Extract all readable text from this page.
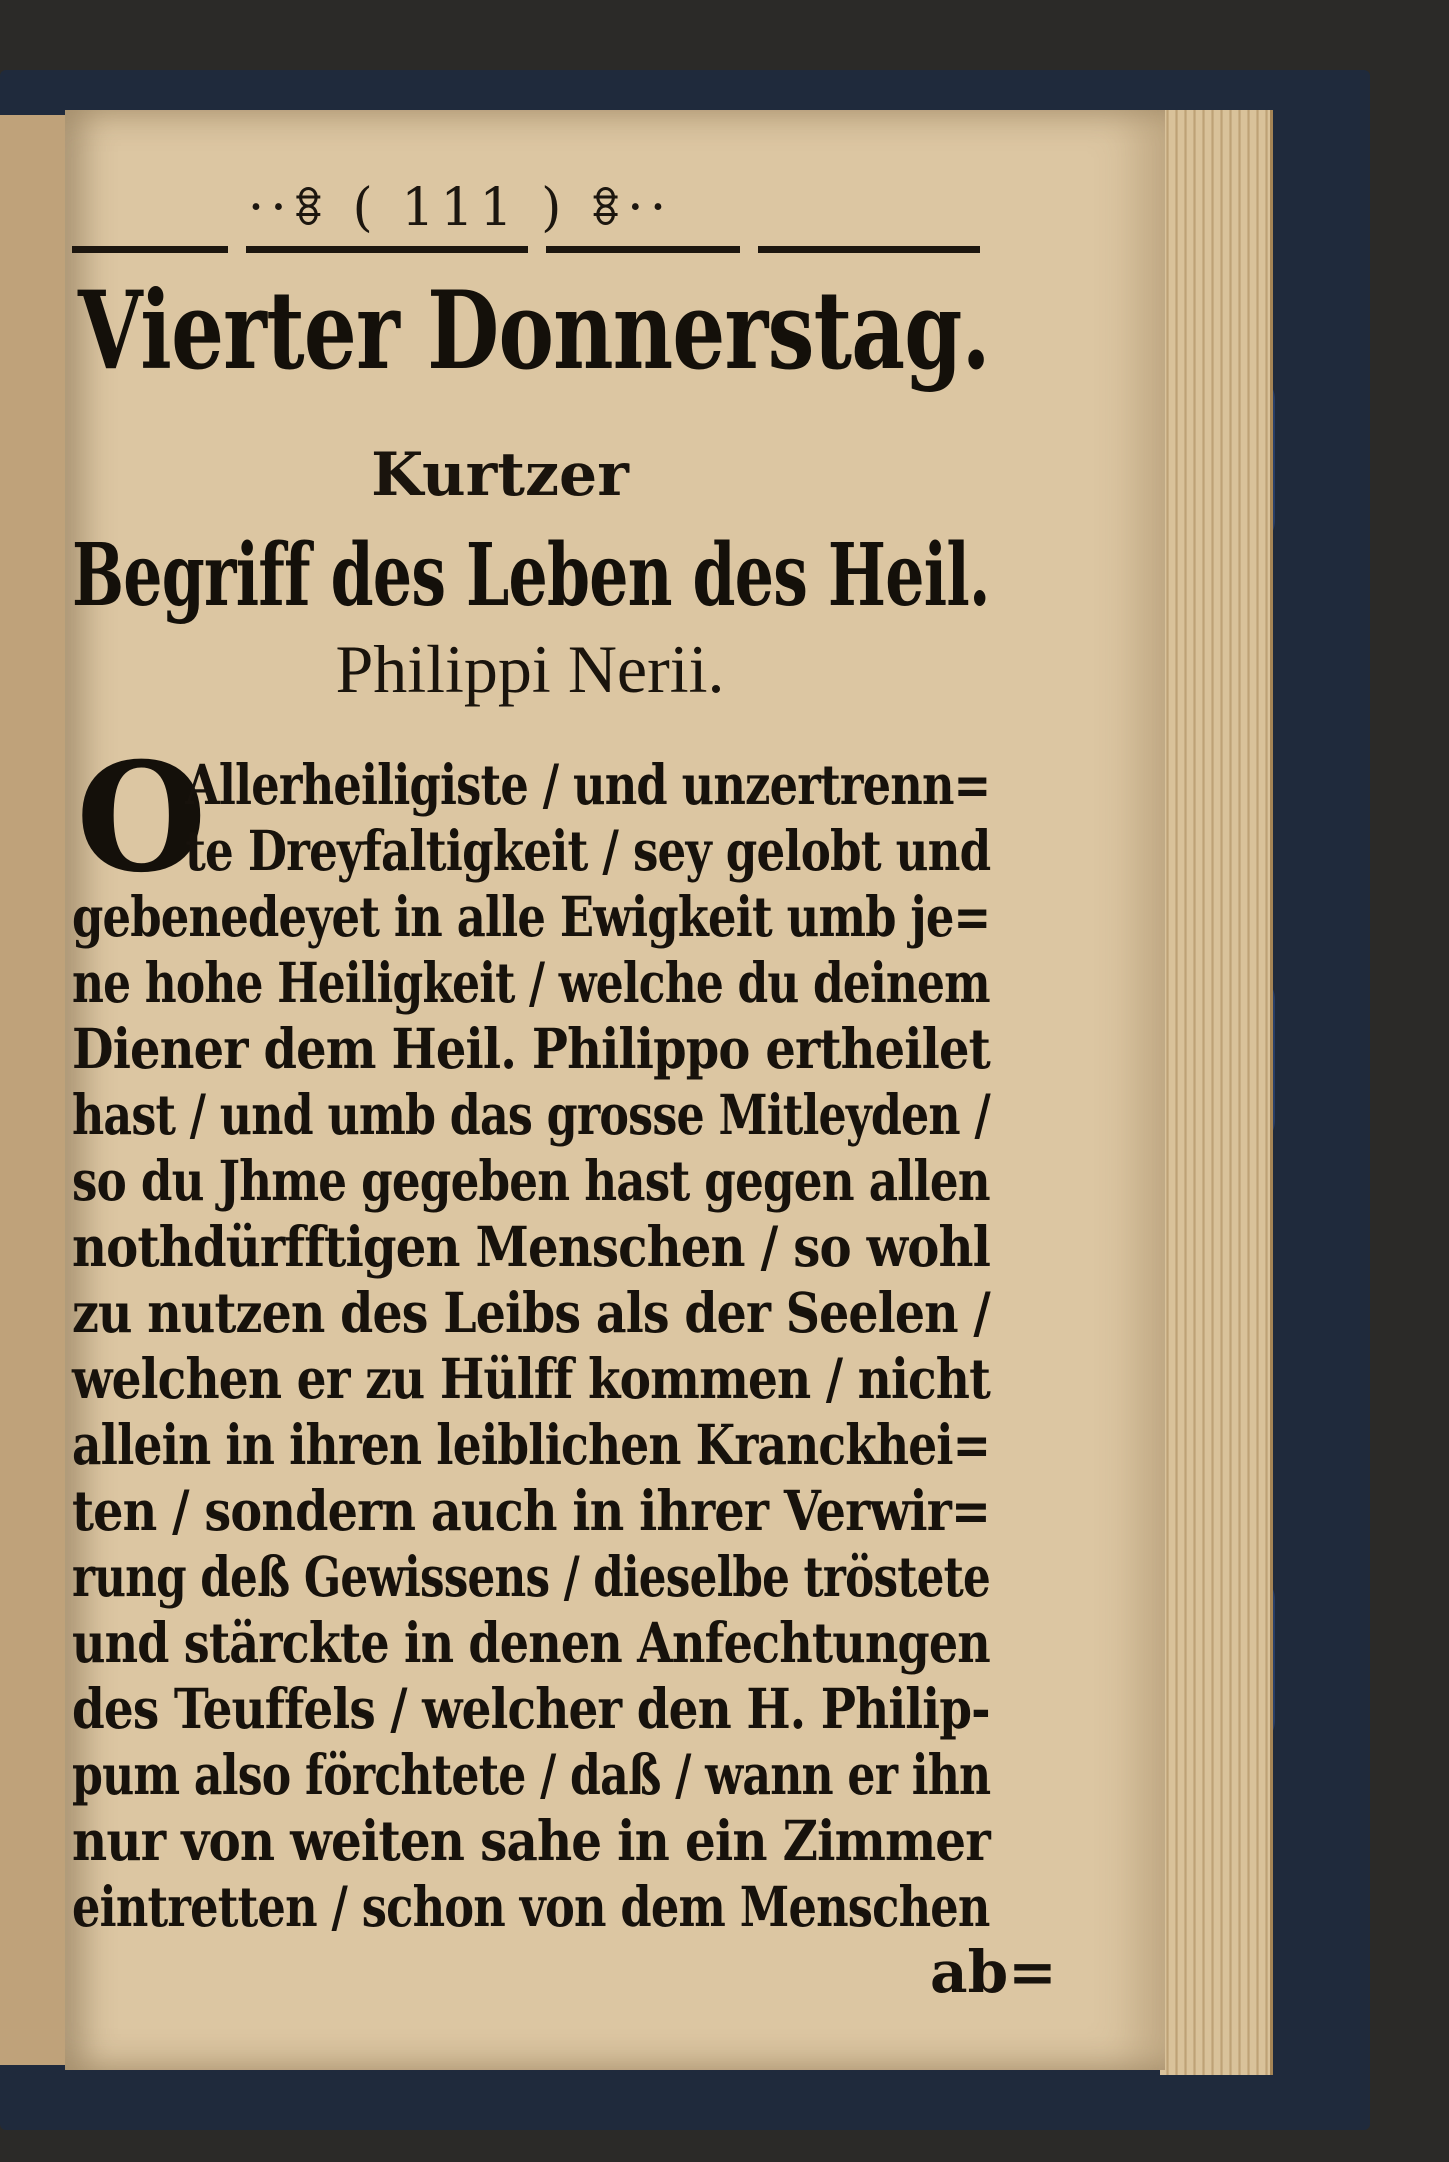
··ꗊ ( 111 ) ꗊ··
Vierter Donnerstag.
Kurtzer
Begriff des Leben des Heil.
Philippi Nerii.
O
Allerheiligiste / und unzertrenn=
te Dreyfaltigkeit / sey gelobt und
gebenedeyet in alle Ewigkeit umb je=
ne hohe Heiligkeit / welche du deinem
Diener dem Heil. Philippo ertheilet
hast / und umb das grosse Mitleyden /
so du Jhme gegeben hast gegen allen
nothdürfftigen Menschen / so wohl
zu nutzen des Leibs als der Seelen /
welchen er zu Hülff kommen / nicht
allein in ihren leiblichen Kranckhei=
ten / sondern auch in ihrer Verwir=
rung deß Gewissens / dieselbe tröstete
und stärckte in denen Anfechtungen
des Teuffels / welcher den H. Philip-
pum also förchtete / daß / wann er ihn
nur von weiten sahe in ein Zimmer
eintretten / schon von dem Menschen
ab=
